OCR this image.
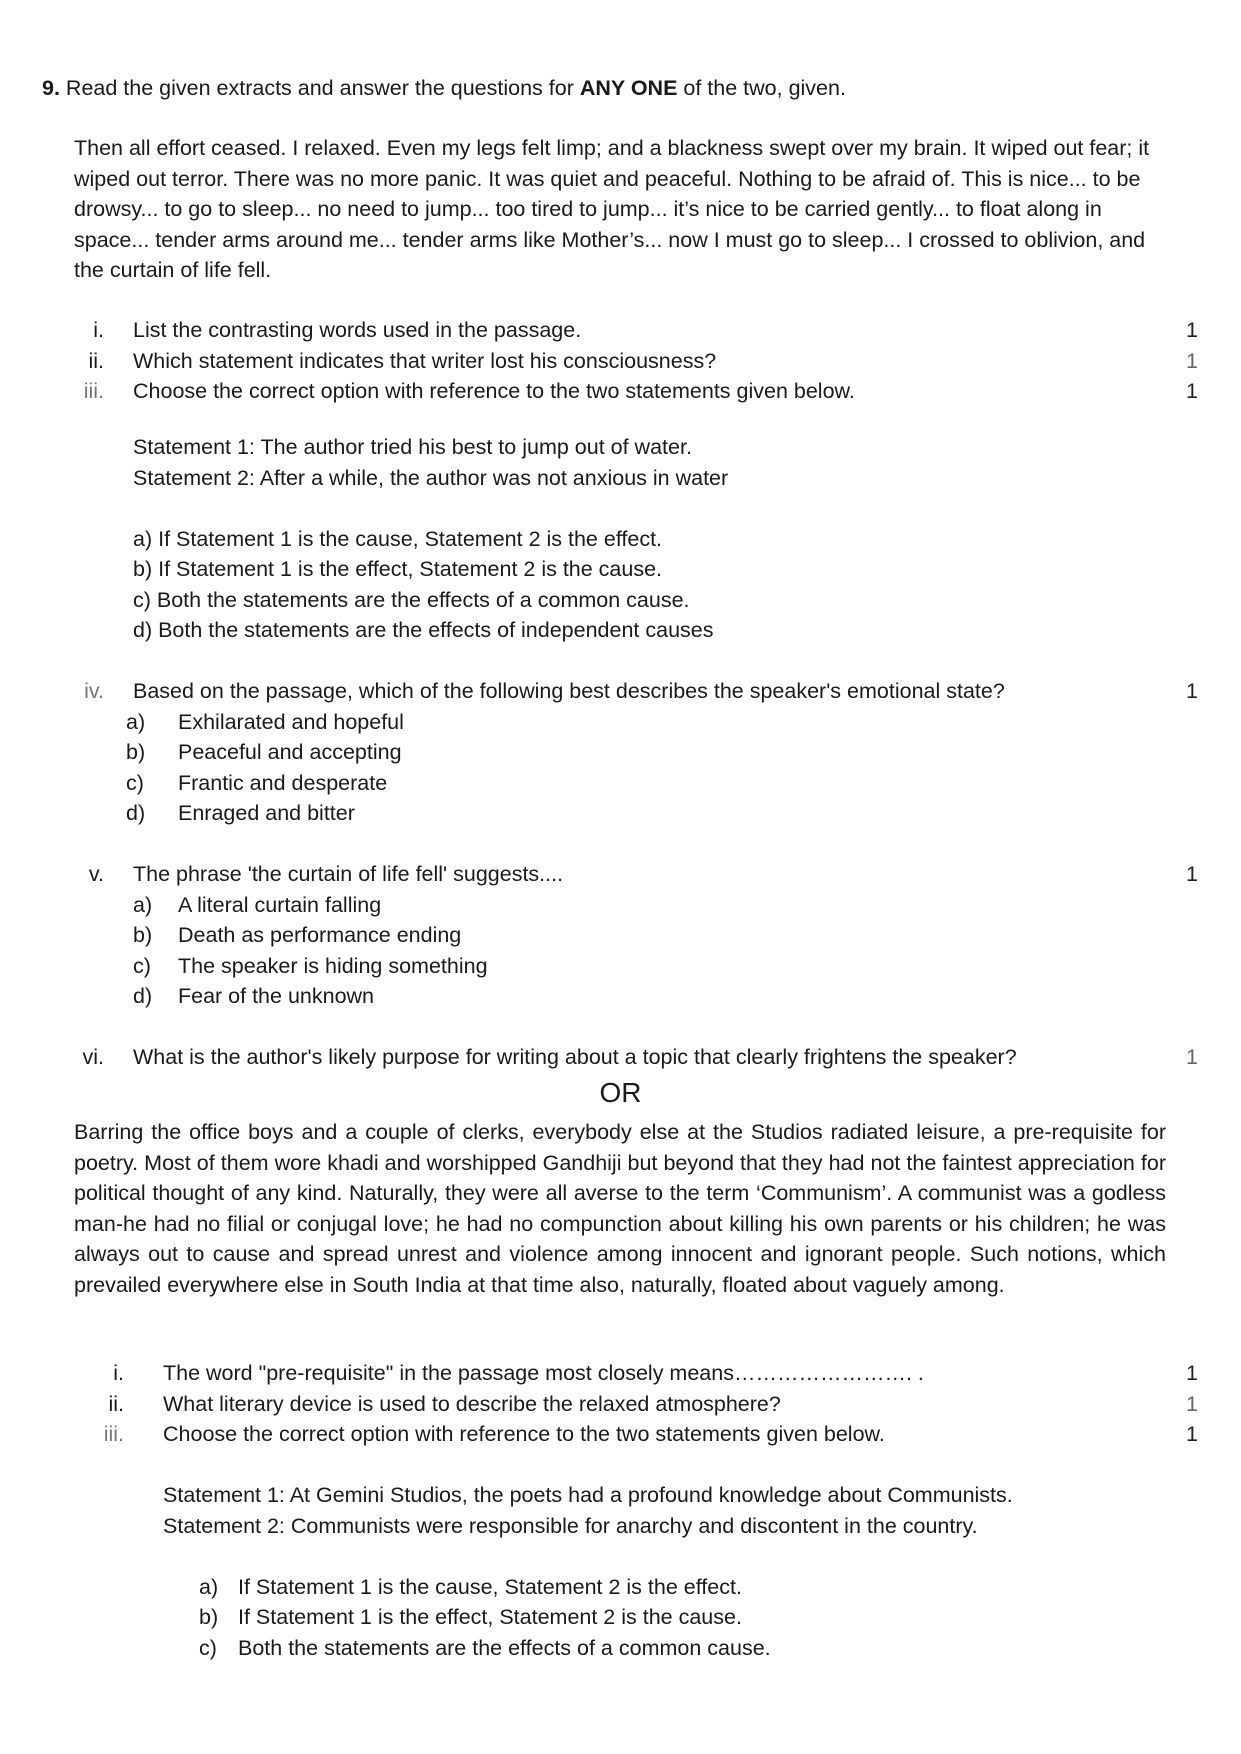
9. Read the given extracts and answer the questions for ANY ONE of the two, given.

Then all effort ceased. I relaxed. Even my legs felt limp; and a blackness swept over my brain. It wiped out fear; it wiped out terror. There was no more panic. It was quiet and peaceful. Nothing to be afraid of. This is nice... to be drowsy... to go to sleep... no need to jump... too tired to jump... it’s nice to be carried gently... to float along in space... tender arms around me... tender arms like Mother’s... now I must go to sleep... I crossed to oblivion, and the curtain of life fell.

i. List the contrasting words used in the passage.	1
ii. Which statement indicates that writer lost his consciousness?	1
iii. Choose the correct option with reference to the two statements given below.	1
Statement 1: The author tried his best to jump out of water.
Statement 2: After a while, the author was not anxious in water
a) If Statement 1 is the cause, Statement 2 is the effect.
b) If Statement 1 is the effect, Statement 2 is the cause.
c) Both the statements are the effects of a common cause.
d) Both the statements are the effects of independent causes
iv. Based on the passage, which of the following best describes the speaker's emotional state?	1
a) Exhilarated and hopeful
b) Peaceful and accepting
c) Frantic and desperate
d) Enraged and bitter
v. The phrase 'the curtain of life fell' suggests....	1
a) A literal curtain falling
b) Death as performance ending
c) The speaker is hiding something
d) Fear of the unknown
vi. What is the author's likely purpose for writing about a topic that clearly frightens the speaker?	1
OR

Barring the office boys and a couple of clerks, everybody else at the Studios radiated leisure, a pre-requisite for poetry. Most of them wore khadi and worshipped Gandhiji but beyond that they had not the faintest appreciation for political thought of any kind. Naturally, they were all averse to the term ‘Communism’. A communist was a godless man-he had no filial or conjugal love; he had no compunction about killing his own parents or his children; he was always out to cause and spread unrest and violence among innocent and ignorant people. Such notions, which prevailed everywhere else in South India at that time also, naturally, floated about vaguely among.

i. The word "pre-requisite" in the passage most closely means……………………. .	1
ii. What literary device is used to describe the relaxed atmosphere?	1
iii. Choose the correct option with reference to the two statements given below.	1
Statement 1: At Gemini Studios, the poets had a profound knowledge about Communists.
Statement 2: Communists were responsible for anarchy and discontent in the country.
a) If Statement 1 is the cause, Statement 2 is the effect.
b) If Statement 1 is the effect, Statement 2 is the cause.
c) Both the statements are the effects of a common cause.
